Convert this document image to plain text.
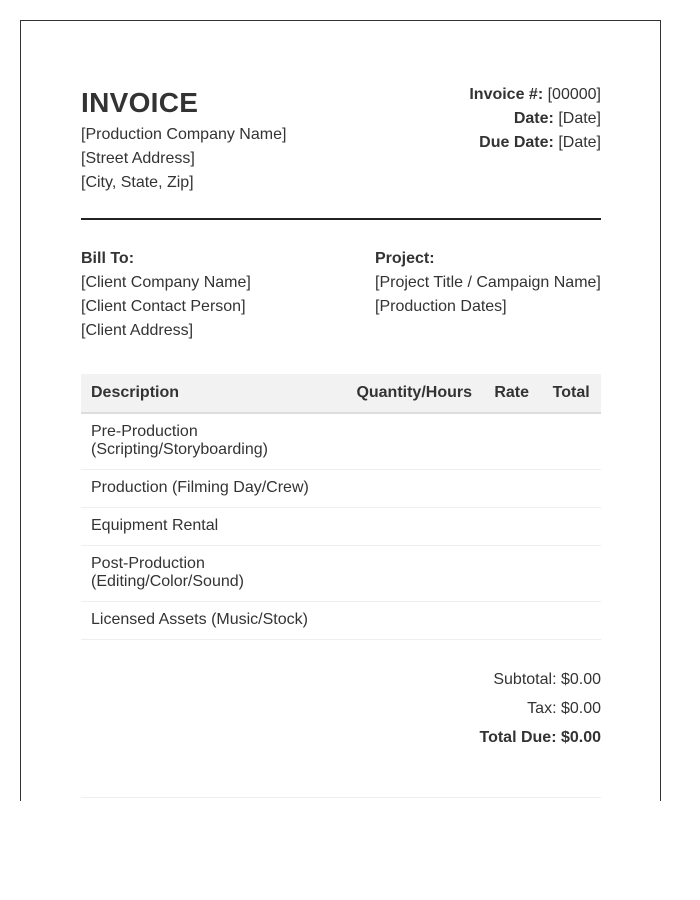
INVOICE
[Production Company Name]
[Street Address]
[City, State, Zip]
Invoice #: [00000]
Date: [Date]
Due Date: [Date]
Bill To:
[Client Company Name]
[Client Contact Person]
[Client Address]
Project:
[Project Title / Campaign Name]
[Production Dates]
Description	Quantity/Hours	Rate	Total

Pre-Production
(Scripting/Storyboarding)			

Production (Filming Day/Crew)			

Equipment Rental			

Post-Production
(Editing/Color/Sound)			

Licensed Assets (Music/Stock)			

Subtotal: $0.00
Tax: $0.00
Total Due: $0.00
